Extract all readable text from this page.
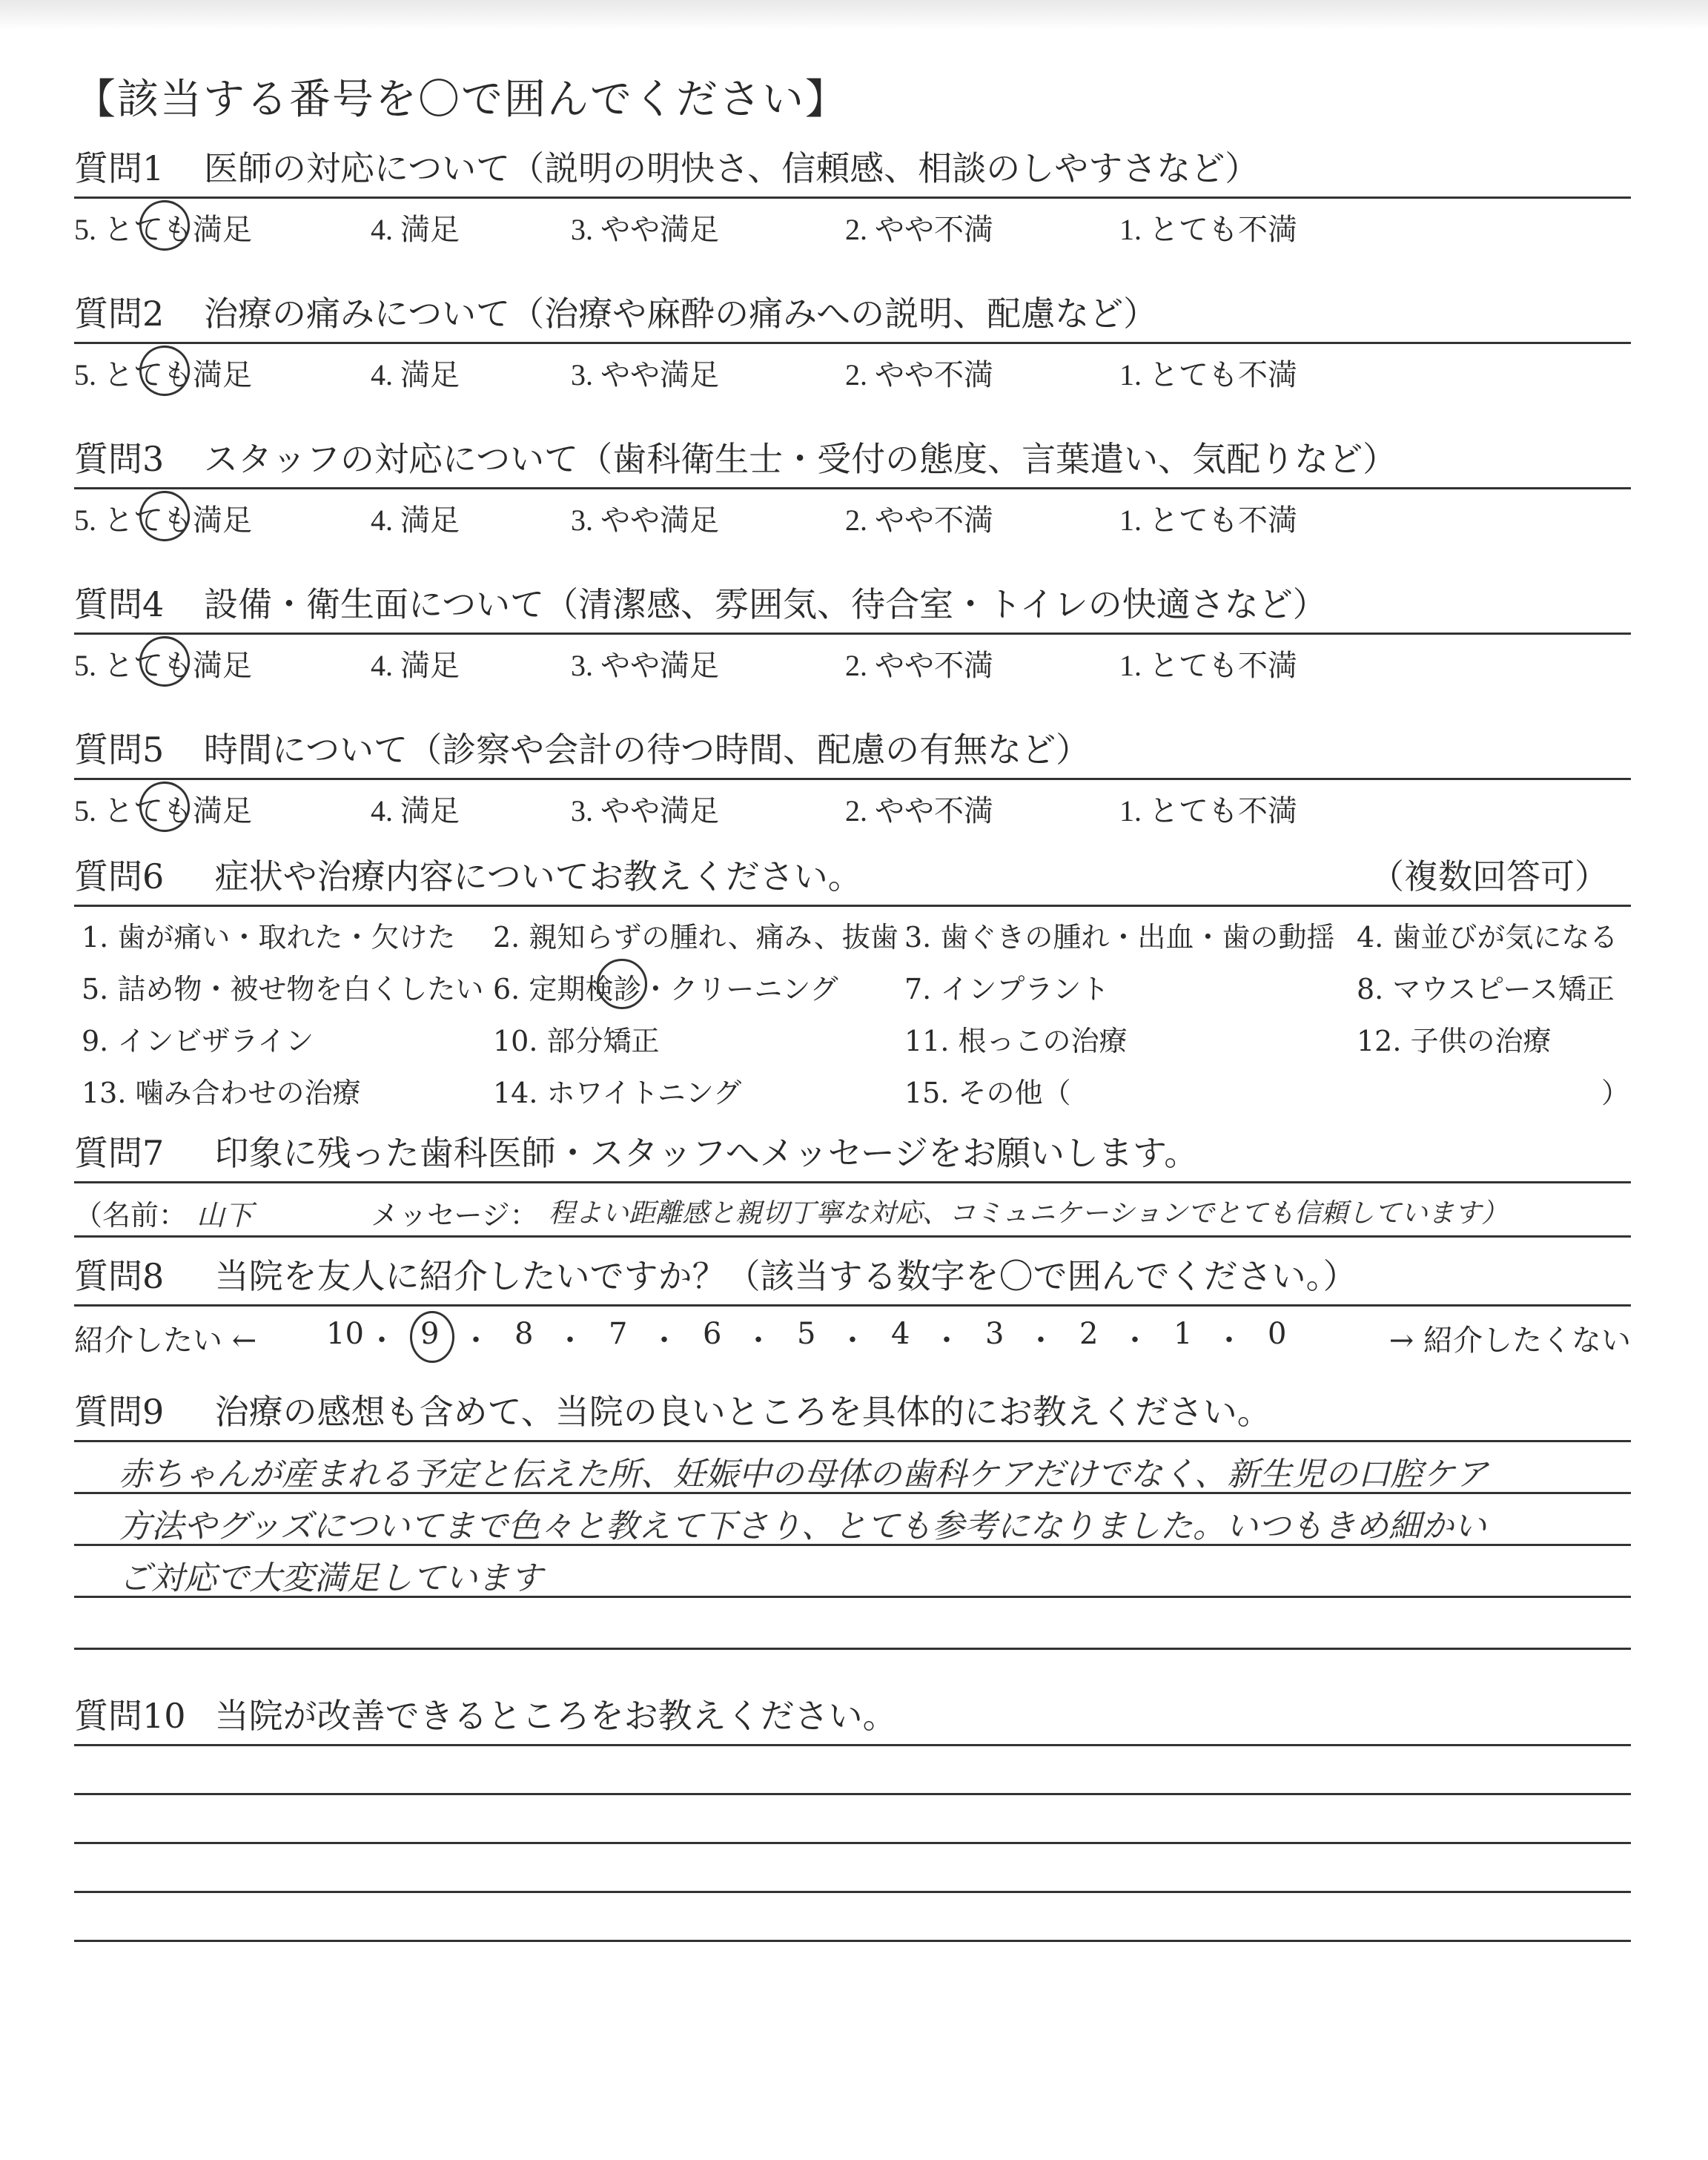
【該当する番号を〇で囲んでください】
質問1 医師の対応について（説明の明快さ、信頼感、相談のしやすさなど）
5. とても満足	4. 満足	3. やや満足	2. やや不満	1. とても不満
質問2 治療の痛みについて（治療や麻酔の痛みへの説明、配慮など）
5. とても満足	4. 満足	3. やや満足	2. やや不満	1. とても不満
質問3 スタッフの対応について（歯科衛生士・受付の態度、言葉遣い、気配りなど）
5. とても満足	4. 満足	3. やや満足	2. やや不満	1. とても不満
質問4 設備・衛生面について（清潔感、雰囲気、待合室・トイレの快適さなど）
5. とても満足	4. 満足	3. やや満足	2. やや不満	1. とても不満
質問5 時間について（診察や会計の待つ時間、配慮の有無など）
5. とても満足	4. 満足	3. やや満足	2. やや不満	1. とても不満
質問6 症状や治療内容についてお教えください。	（複数回答可）
1. 歯が痛い・取れた・欠けた 2. 親知らずの腫れ、痛み、抜歯 3. 歯ぐきの腫れ・出血・歯の動揺 4. 歯並びが気になる
5. 詰め物・被せ物を白くしたい 6. 定期検診・クリーニング 7. インプラント	8. マウスピース矯正
9. インビザライン	10. 部分矯正	11. 根っこの治療	12. 子供の治療
13. 噛み合わせの治療	14. ホワイトニング	15. その他（	）
質問7 印象に残った歯科医師・スタッフへメッセージをお願いします。
（名前： 山下	メッセージ： 程よい距離感と親切丁寧な対応、コミュニケーションでとても信頼しています）
質問8 当院を友人に紹介したいですか？（該当する数字を〇で囲んでください。）
紹介したい ←	→ 紹介したくない
10 ・ 9 ・ 8 ・ 7 ・ 6 ・ 5 ・ 4 ・ 3 ・ 2 ・ 1 ・ 0
質問9 治療の感想も含めて、当院の良いところを具体的にお教えください。
赤ちゃんが産まれる予定と伝えた所、妊娠中の母体の歯科ケアだけでなく、新生児の口腔ケア
方法やグッズについてまで色々と教えて下さり、とても参考になりました。いつもきめ細かい
ご対応で大変満足しています
質問10 当院が改善できるところをお教えください。
